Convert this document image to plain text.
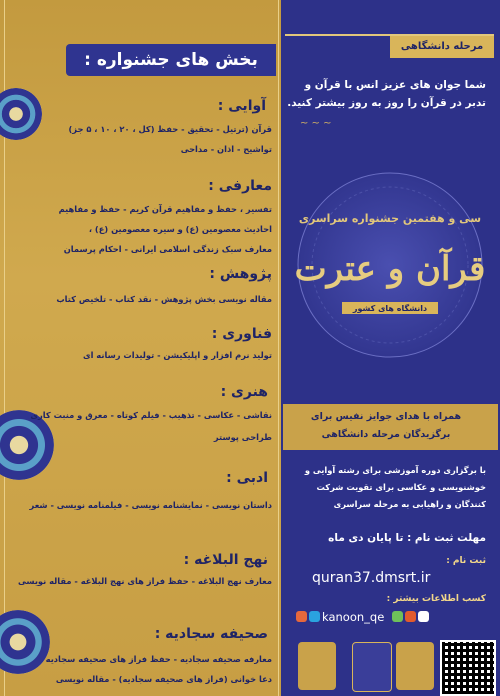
بخش های جشنواره :
آوایی :
قرآن (ترتیل - تحقیق - حفظ (کل ، ۲۰ ، ۱۰ ، ۵ جز)
تواشیح - اذان - مداحی
معارفی :
تفسیر ، حفظ و مفاهیم قرآن کریم - حفظ و مفاهیم
احادیث معصومین (ع) و سیره معصومین (ع) ،
معارف سبک زندگی اسلامی ایرانی - احکام پرسمان
پژوهش :
مقاله نویسی بخش پژوهش - نقد کتاب - تلخیص کتاب
فناوری :
تولید نرم افزار و اپلیکیشن - تولیدات رسانه ای
هنری :
نقاشی - عکاسی - تذهیب - فیلم کوتاه - معرق و منبت کاری
طراحی پوستر
ادبی :
داستان نویسی - نمایشنامه نویسی - فیلمنامه نویسی - شعر
نهج البلاغه :
معارف نهج البلاغه - حفظ فراز های نهج البلاغه - مقاله نویسی
صحیفه سجادیه :
معارفه صحیفه سجادیه - حفظ فراز های صحیفه سجادیه
دعا خوانی (فراز های صحیفه سجادیه) - مقاله نویسی
مرحله دانشگاهی
شما جوان های عزیز انس با قرآن و
تدبر در قرآن را روز به روز بیشتر کنید.
~ ~ ~
سی و هفتمین جشنواره سراسری
قرآن و عترت
دانشگاه های کشور
همراه با هدای جوایز نفیس برای
برگزیدگان مرحله دانشگاهی
با برگزاری دوره آموزشی برای رشته آوایی و
خوشنویسی و عکاسی برای تقویت شرکت
کنندگان و راهیابی به مرحله سراسری
مهلت ثبت نام : تا پایان دی ماه
ثبت نام :
quran37.dmsrt.ir
کسب اطلاعات بیشتر :
kanoon_qe
